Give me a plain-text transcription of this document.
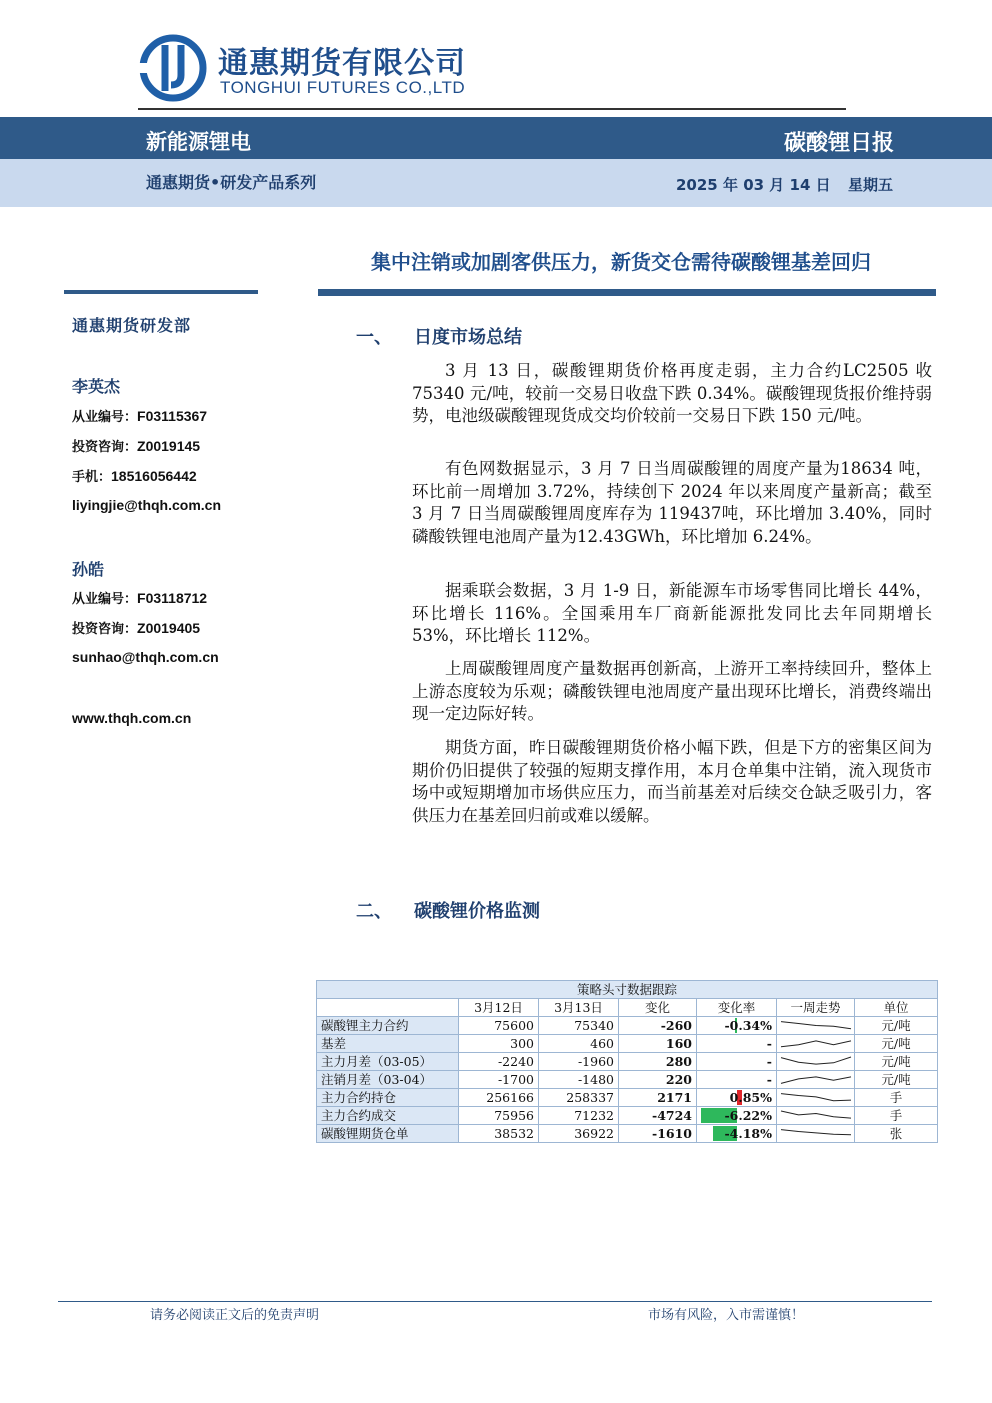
通惠期货有限公司
TONGHUI FUTURES CO.,LTD
新能源锂电	碳酸锂日报
通惠期货•研发产品系列	2025 年 03 月 14 日 星期五
集中注销或加剧客供压力，新货交仓需待碳酸锂基差回归
通惠期货研发部
李英杰
从业编号：F03115367
投资咨询：Z0019145
手机：18516056442
liyingjie@thqh.com.cn
孙皓
从业编号：F03118712
投资咨询：Z0019405
sunhao@thqh.com.cn
www.thqh.com.cn
一、 日度市场总结

3 月 13 日，碳酸锂期货价格再度走弱，主力合约LC2505 收 75340 元/吨，较前一交易日收盘下跌 0.34%。碳酸锂现货报价维持弱势，电池级碳酸锂现货成交均价较前一交易日下跌 150 元/吨。

有色网数据显示，3 月 7 日当周碳酸锂的周度产量为18634 吨，环比前一周增加 3.72%，持续创下 2024 年以来周度产量新高；截至 3 月 7 日当周碳酸锂周度库存为 119437吨，环比增加 3.40%，同时磷酸铁锂电池周产量为12.43GWh，环比增加 6.24%。

据乘联会数据，3 月 1-9 日，新能源车市场零售同比增长 44%，环比增长 116%。全国乘用车厂商新能源批发同比去年同期增长 53%，环比增长 112%。

上周碳酸锂周度产量数据再创新高，上游开工率持续回升，整体上上游态度较为乐观；磷酸铁锂电池周度产量出现环比增长，消费终端出现一定边际好转。

期货方面，昨日碳酸锂期货价格小幅下跌，但是下方的密集区间为期价仍旧提供了较强的短期支撑作用，本月仓单集中注销，流入现货市场中或短期增加市场供应压力，而当前基差对后续交仓缺乏吸引力，客供压力在基差回归前或难以缓解。

二、 碳酸锂价格监测
策略头寸数据跟踪						
	3月12日	3月13日	变化	变化率	一周走势	单位
碳酸锂主力合约	75600	75340	-260	-0.34%		元/吨
基差	300	460	160	-		元/吨
主力月差（03-05）	-2240	-1960	280	-		元/吨
注销月差（03-04）	-1700	-1480	220	-		元/吨
主力合约持仓	256166	258337	2171	0.85%		手
主力合约成交	75956	71232	-4724	-6.22%		手
碳酸锂期货仓单	38532	36922	-1610	-4.18%		张
请务必阅读正文后的免责声明	市场有风险，入市需谨慎！
